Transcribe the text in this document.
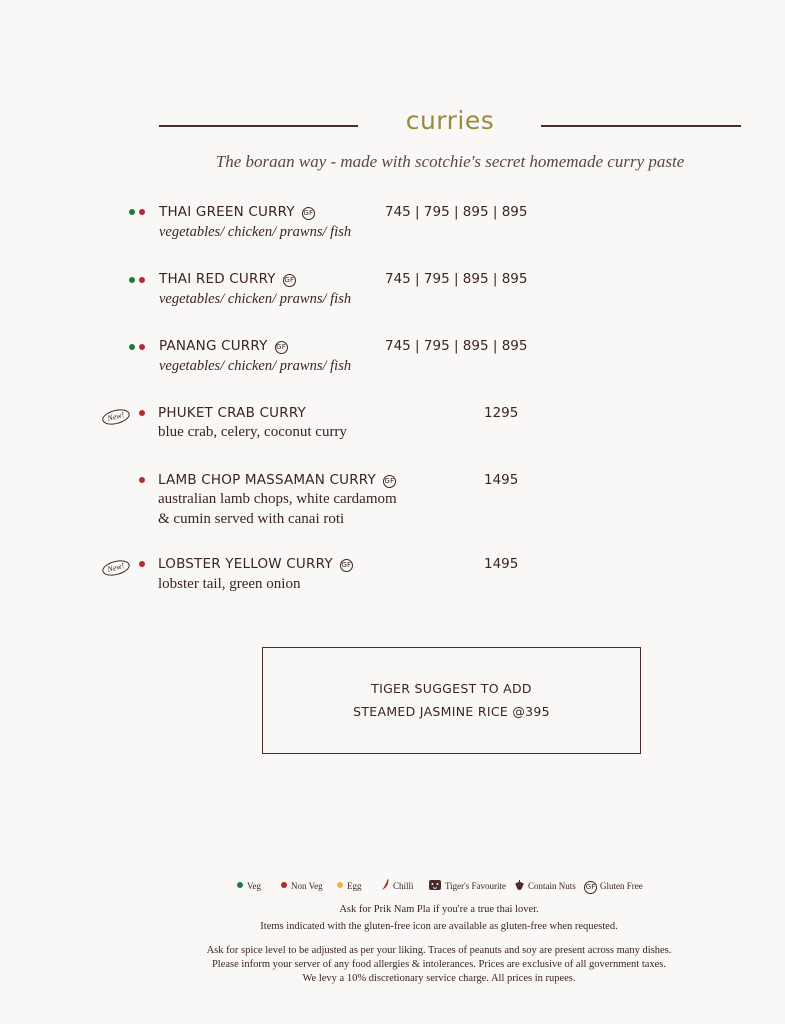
curries
The boraan way - made with scotchie's secret homemade curry paste
THAI GREEN CURRY GF	745 | 795 | 895 | 895
vegetables/ chicken/ prawns/ fish
THAI RED CURRY GF	745 | 795 | 895 | 895
vegetables/ chicken/ prawns/ fish
PANANG CURRY GF	745 | 795 | 895 | 895
vegetables/ chicken/ prawns/ fish
New!	PHUKET CRAB CURRY	1295
blue crab, celery, coconut curry
LAMB CHOP MASSAMAN CURRY GF	1495
australian lamb chops, white cardamom
& cumin served with canai roti
New!	LOBSTER YELLOW CURRY GF	1495
lobster tail, green onion
TIGER SUGGEST TO ADD
STEAMED JASMINE RICE @395
Veg	Non Veg	Egg	Chilli	Tiger's Favourite	Contain Nuts GF Gluten Free
Ask for Prik Nam Pla if you're a true thai lover.
Items indicated with the gluten-free icon are available as gluten-free when requested.
Ask for spice level to be adjusted as per your liking. Traces of peanuts and soy are present across many dishes.
Please inform your server of any food allergies & intolerances. Prices are exclusive of all government taxes.
We levy a 10% discretionary service charge. All prices in rupees.
